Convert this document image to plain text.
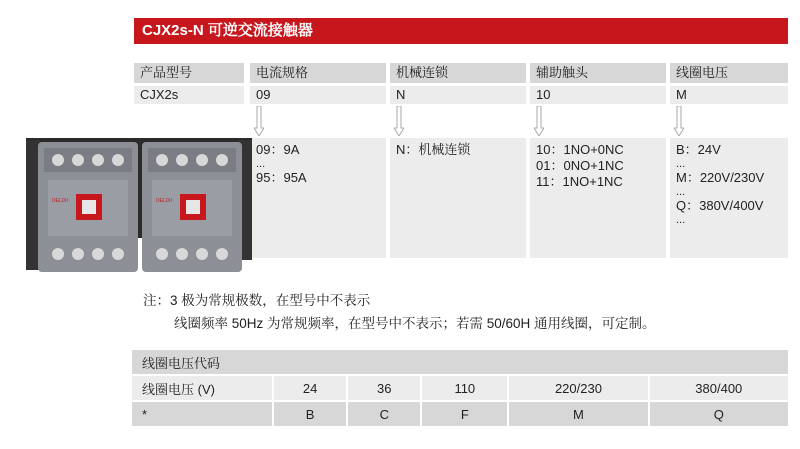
CJX2s-N 可逆交流接触器
产品型号	电流规格	机械连锁	辅助触头	线圈电压
CJX2s	09	N	10	M
09：9A
...
95：95A
N：机械连锁	10：1NO+0NC
01：0NO+1NC
11：1NO+1NC
B：24V
...
M：220V/230V
...
Q：380V/400V
...
DELIXI	DELIXI
注：3 极为常规极数，在型号中不表示
线圈频率 50Hz 为常规频率，在型号中不表示；若需 50/60H 通用线圈，可定制。
线圈电压代码					
线圈电压 (V)	24	36	110	220/230	380/400
*	B	C	F	M	Q
